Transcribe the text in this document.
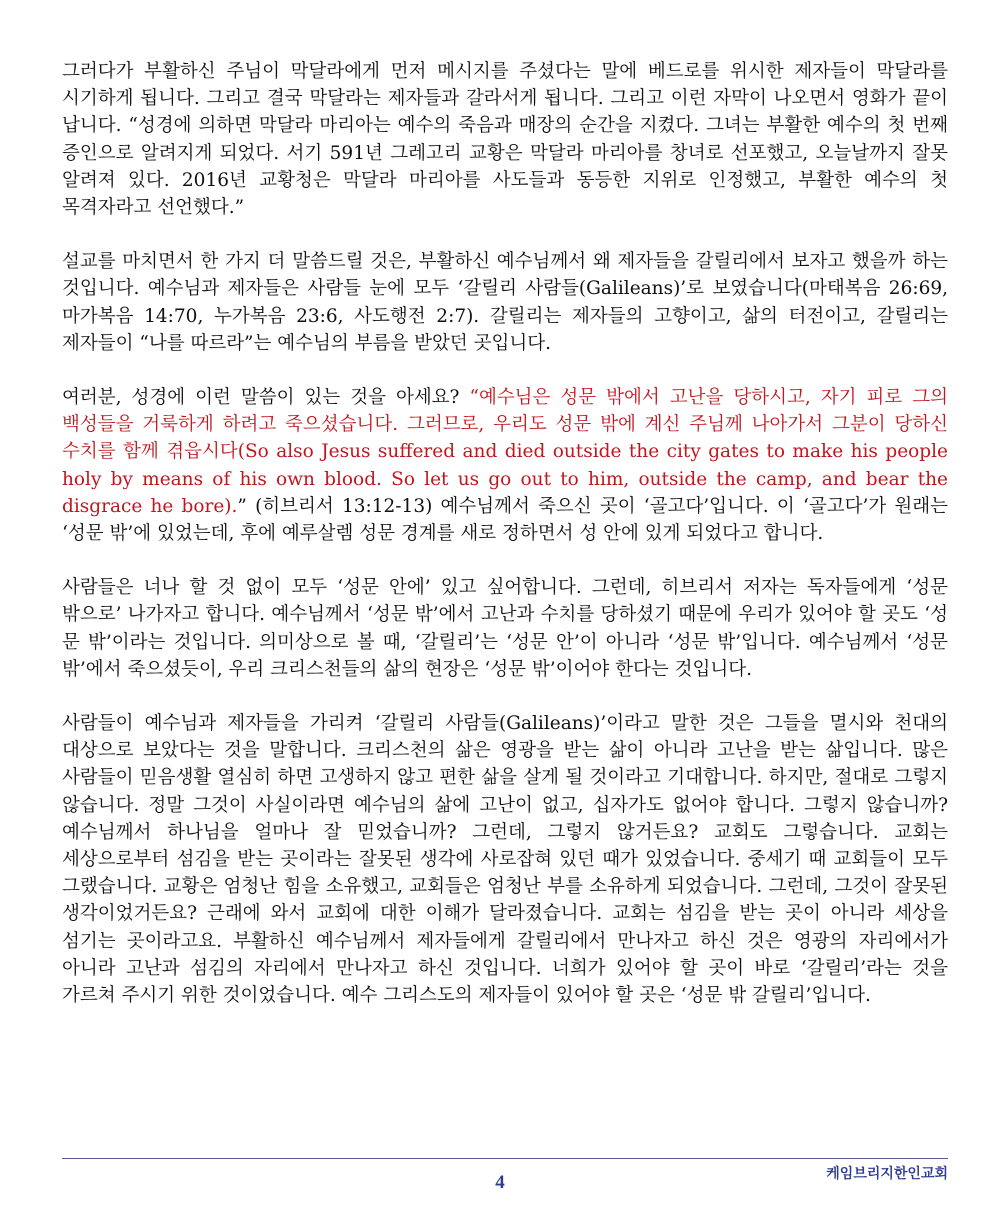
그러다가 부활하신 주님이 막달라에게 먼저 메시지를 주셨다는 말에 베드로를 위시한 제자들이 막달라를 시기하게 됩니다. 그리고 결국 막달라는 제자들과 갈라서게 됩니다. 그리고 이런 자막이 나오면서 영화가 끝이 납니다. “성경에 의하면 막달라 마리아는 예수의 죽음과 매장의 순간을 지켰다. 그녀는 부활한 예수의 첫 번째 증인으로 알려지게 되었다. 서기 591년 그레고리 교황은 막달라 마리아를 창녀로 선포했고, 오늘날까지 잘못 알려져 있다. 2016년 교황청은 막달라 마리아를 사도들과 동등한 지위로 인정했고, 부활한 예수의 첫 목격자라고 선언했다.”

설교를 마치면서 한 가지 더 말씀드릴 것은, 부활하신 예수님께서 왜 제자들을 갈릴리에서 보자고 했을까 하는 것입니다. 예수님과 제자들은 사람들 눈에 모두 ‘갈릴리 사람들(Galileans)’로 보였습니다(마태복음 26:69, 마가복음 14:70, 누가복음 23:6, 사도행전 2:7). 갈릴리는 제자들의 고향이고, 삶의 터전이고, 갈릴리는 제자들이 “나를 따르라”는 예수님의 부름을 받았던 곳입니다.

여러분, 성경에 이런 말씀이 있는 것을 아세요? “예수님은 성문 밖에서 고난을 당하시고, 자기 피로 그의 백성들을 거룩하게 하려고 죽으셨습니다. 그러므로, 우리도 성문 밖에 계신 주님께 나아가서 그분이 당하신 수치를 함께 겪읍시다(So also Jesus suffered and died outside the city gates to make his people holy by means of his own blood. So let us go out to him, outside the camp, and bear the disgrace he bore).” (히브리서 13:12-13) 예수님께서 죽으신 곳이 ‘골고다’입니다. 이 ‘골고다’가 원래는 ‘성문 밖’에 있었는데, 후에 예루살렘 성문 경계를 새로 정하면서 성 안에 있게 되었다고 합니다.

사람들은 너나 할 것 없이 모두 ‘성문 안에’ 있고 싶어합니다. 그런데, 히브리서 저자는 독자들에게 ‘성문 밖으로’ 나가자고 합니다. 예수님께서 ‘성문 밖’에서 고난과 수치를 당하셨기 때문에 우리가 있어야 할 곳도 ‘성 문 밖’이라는 것입니다. 의미상으로 볼 때, ‘갈릴리’는 ‘성문 안’이 아니라 ‘성문 밖’입니다. 예수님께서 ‘성문 밖’에서 죽으셨듯이, 우리 크리스천들의 삶의 현장은 ‘성문 밖’이어야 한다는 것입니다.

사람들이 예수님과 제자들을 가리켜 ‘갈릴리 사람들(Galileans)’이라고 말한 것은 그들을 멸시와 천대의 대상으로 보았다는 것을 말합니다. 크리스천의 삶은 영광을 받는 삶이 아니라 고난을 받는 삶입니다. 많은 사람들이 믿음생활 열심히 하면 고생하지 않고 편한 삶을 살게 될 것이라고 기대합니다. 하지만, 절대로 그렇지 않습니다. 정말 그것이 사실이라면 예수님의 삶에 고난이 없고, 십자가도 없어야 합니다. 그렇지 않습니까? 예수님께서 하나님을 얼마나 잘 믿었습니까? 그런데, 그렇지 않거든요? 교회도 그렇습니다. 교회는 세상으로부터 섬김을 받는 곳이라는 잘못된 생각에 사로잡혀 있던 때가 있었습니다. 중세기 때 교회들이 모두 그랬습니다. 교황은 엄청난 힘을 소유했고, 교회들은 엄청난 부를 소유하게 되었습니다. 그런데, 그것이 잘못된 생각이었거든요? 근래에 와서 교회에 대한 이해가 달라졌습니다. 교회는 섬김을 받는 곳이 아니라 세상을 섬기는 곳이라고요. 부활하신 예수님께서 제자들에게 갈릴리에서 만나자고 하신 것은 영광의 자리에서가 아니라 고난과 섬김의 자리에서 만나자고 하신 것입니다. 너희가 있어야 할 곳이 바로 ‘갈릴리’라는 것을 가르쳐 주시기 위한 것이었습니다. 예수 그리스도의 제자들이 있어야 할 곳은 ‘성문 밖 갈릴리’입니다.

4	케임브리지한인교회
